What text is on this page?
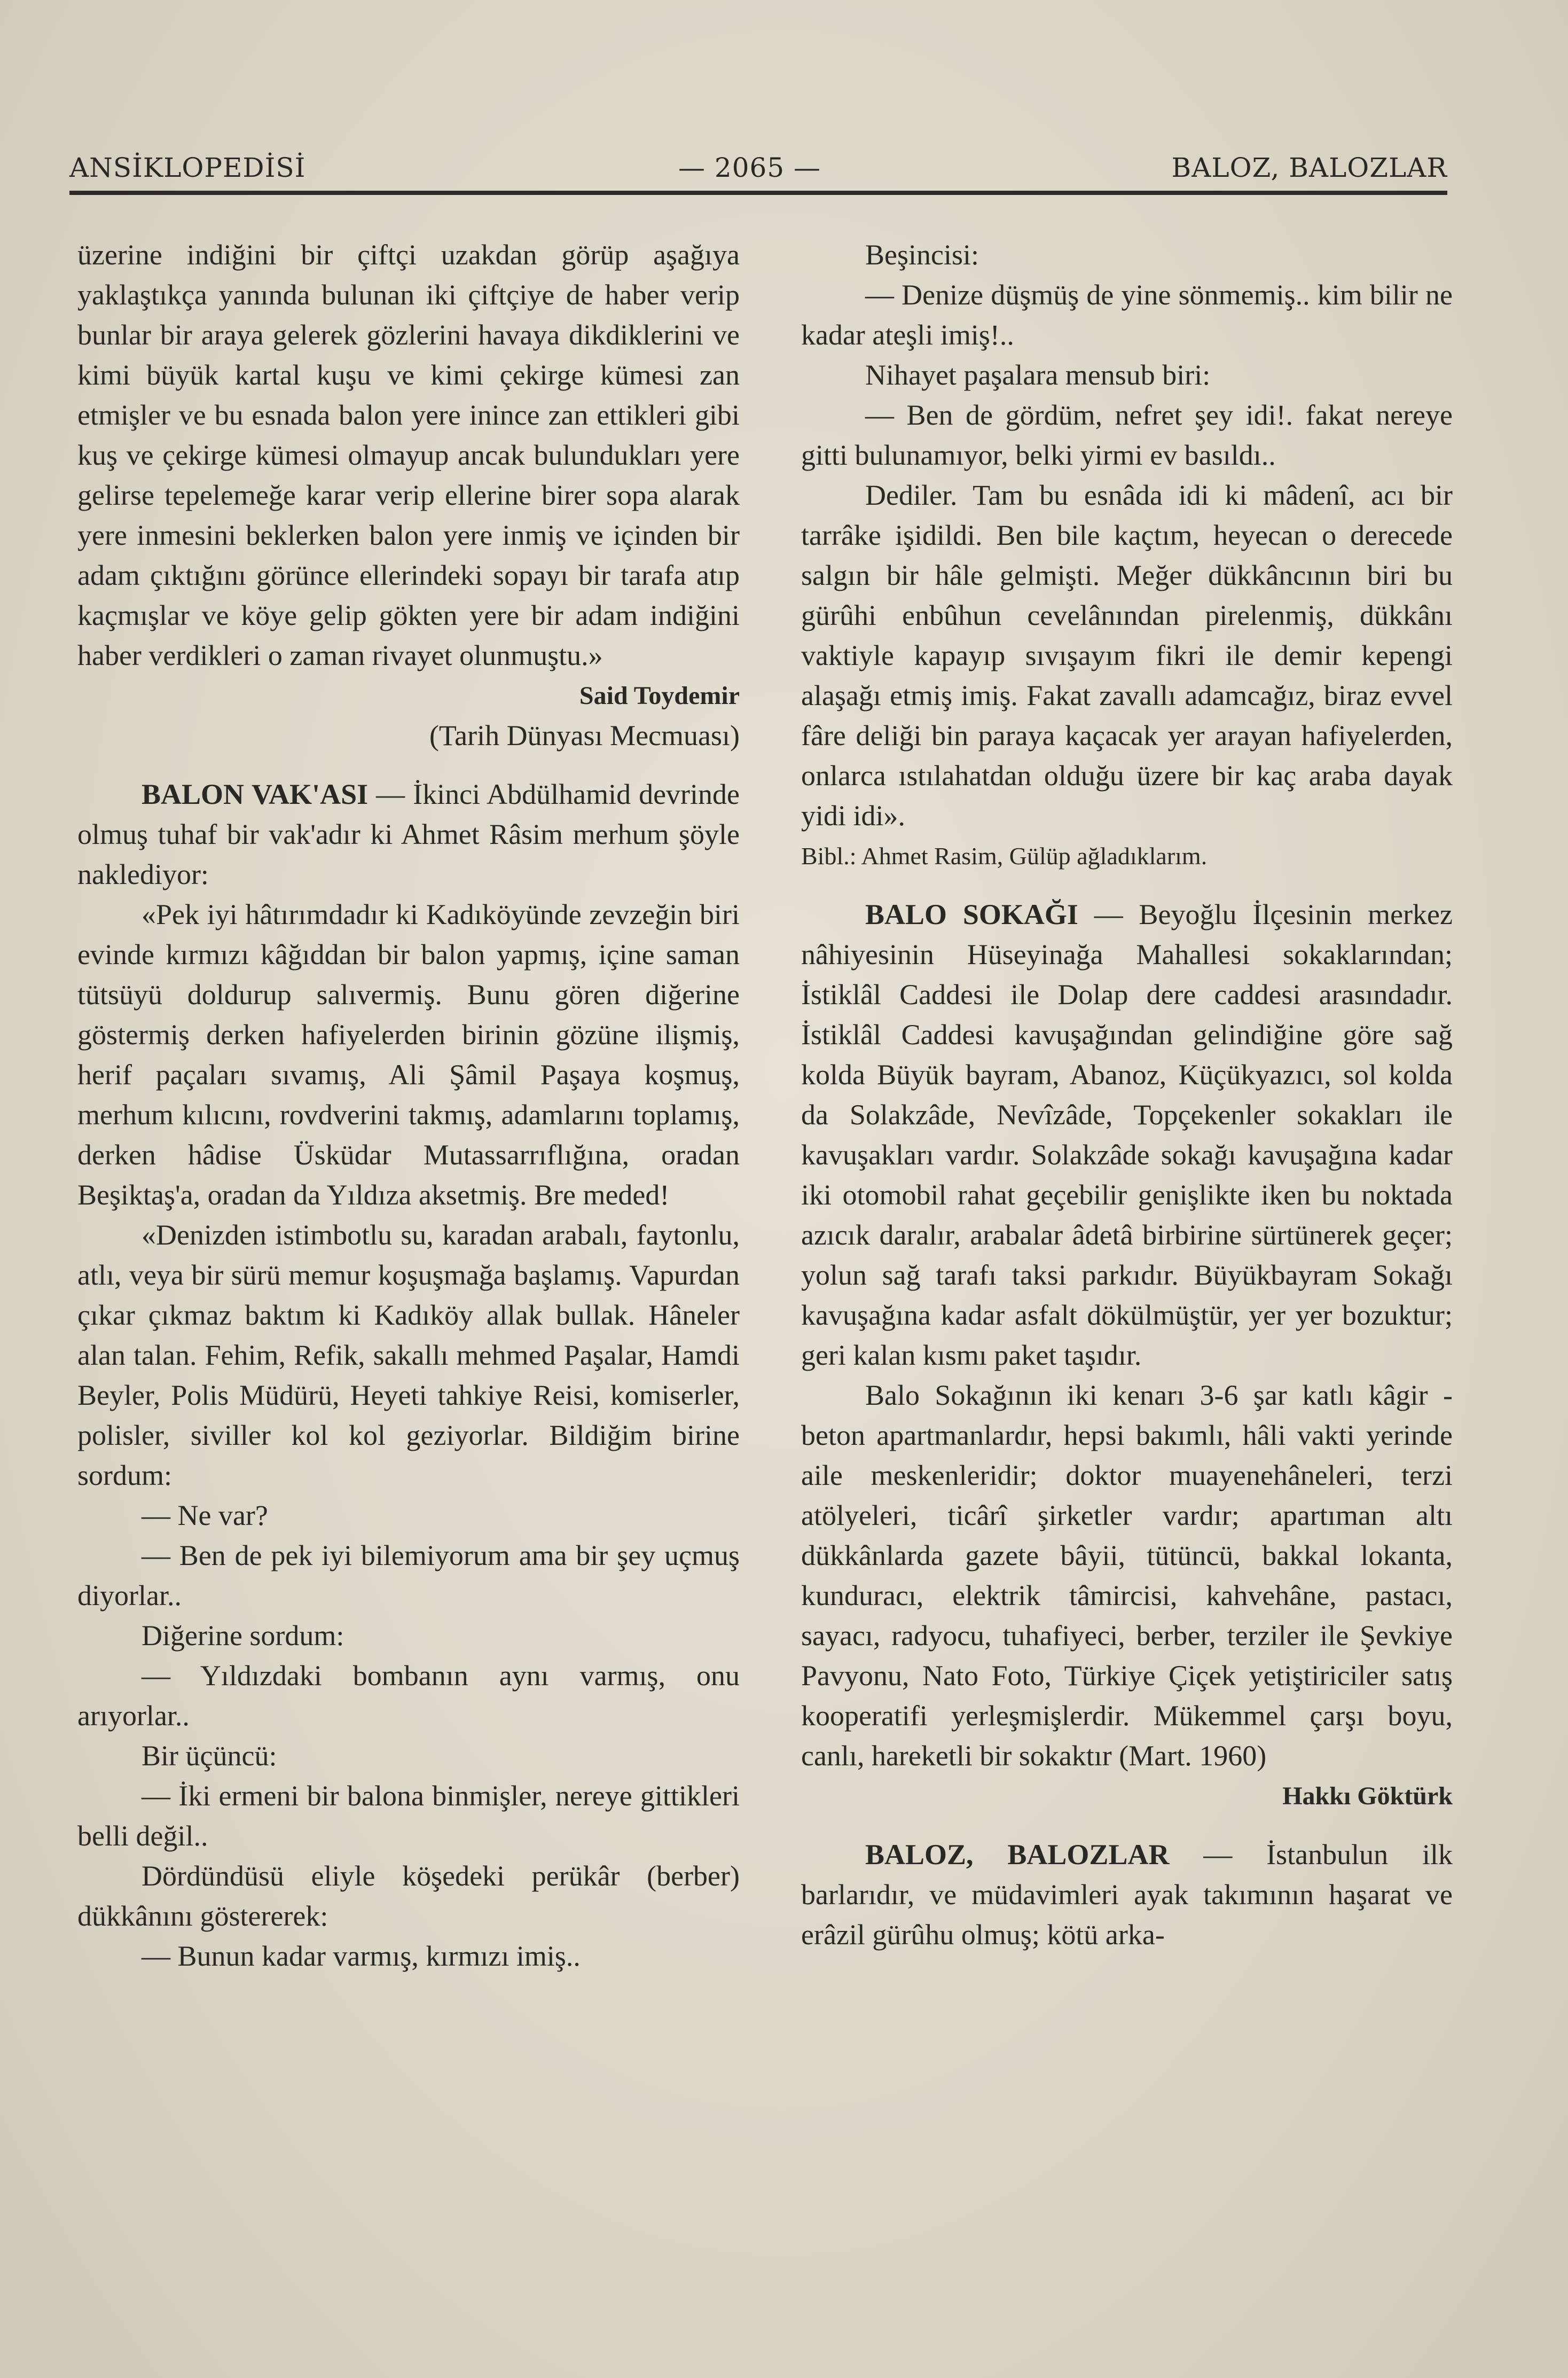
ANSİKLOPEDİSİ	— 2065 —	BALOZ, BALOZLAR

üzerine indiğini bir çiftçi uzakdan görüp aşağıya yaklaştıkça yanında bulunan iki çiftçiye de haber verip bunlar bir araya gelerek gözlerini havaya dikdiklerini ve kimi büyük kartal kuşu ve kimi çekirge kümesi zan etmişler ve bu esnada balon yere inince zan ettikleri gibi kuş ve çekirge kümesi olmayup ancak bulundukları yere gelirse tepelemeğe karar verip ellerine birer sopa alarak yere inmesini beklerken balon yere inmiş ve içinden bir adam çıktığını görünce ellerindeki sopayı bir tarafa atıp kaçmışlar ve köye gelip gökten yere bir adam indiğini haber verdikleri o zaman rivayet olunmuştu.»

Said Toydemir
(Tarih Dünyası Mecmuası)

BALON VAK'ASI — İkinci Abdülhamid devrinde olmuş tuhaf bir vak'adır ki Ahmet Râsim merhum şöyle naklediyor:

«Pek iyi hâtırımdadır ki Kadıköyünde zevzeğin biri evinde kırmızı kâğıddan bir balon yapmış, içine saman tütsüyü doldurup salıvermiş. Bunu gören diğerine göstermiş derken hafiyelerden birinin gözüne ilişmiş, herif paçaları sıvamış, Ali Şâmil Paşaya koşmuş, merhum kılıcını, rovdverini takmış, adamlarını toplamış, derken hâdise Üsküdar Mutassarrıflığına, oradan Beşiktaş'a, oradan da Yıldıza aksetmiş. Bre meded!

«Denizden istimbotlu su, karadan arabalı, faytonlu, atlı, veya bir sürü memur koşuşmağa başlamış. Vapurdan çıkar çıkmaz baktım ki Kadıköy allak bullak. Hâneler alan talan. Fehim, Refik, sakallı mehmed Paşalar, Hamdi Beyler, Polis Müdürü, Heyeti tahkiye Reisi, komiserler, polisler, siviller kol kol geziyorlar. Bildiğim birine sordum:

— Ne var?

— Ben de pek iyi bilemiyorum ama bir şey uçmuş diyorlar..

Diğerine sordum:

— Yıldızdaki bombanın aynı varmış, onu arıyorlar..

Bir üçüncü:

— İki ermeni bir balona binmişler, nereye gittikleri belli değil..

Dördündüsü eliyle köşedeki perükâr (berber) dükkânını göstererek:

— Bunun kadar varmış, kırmızı imiş..

Beşincisi:

— Denize düşmüş de yine sönmemiş.. kim bilir ne kadar ateşli imiş!..

Nihayet paşalara mensub biri:

— Ben de gördüm, nefret şey idi!. fakat nereye gitti bulunamıyor, belki yirmi ev basıldı..

Dediler. Tam bu esnâda idi ki mâdenî, acı bir tarrâke işidildi. Ben bile kaçtım, heyecan o derecede salgın bir hâle gelmişti. Meğer dükkâncının biri bu gürûhi enbûhun cevelânından pirelenmiş, dükkânı vaktiyle kapayıp sıvışayım fikri ile demir kepengi alaşağı etmiş imiş. Fakat zavallı adamcağız, biraz evvel fâre deliği bin paraya kaçacak yer arayan hafiyelerden, onlarca ıstılahatdan olduğu üzere bir kaç araba dayak yidi idi».

Bibl.: Ahmet Rasim, Gülüp ağladıklarım.

BALO SOKAĞI — Beyoğlu İlçesinin merkez nâhiyesinin Hüseyinağa Mahallesi sokaklarından; İstiklâl Caddesi ile Dolap dere caddesi arasındadır. İstiklâl Caddesi kavuşağından gelindiğine göre sağ kolda Büyük bayram, Abanoz, Küçükyazıcı, sol kolda da Solakzâde, Nevîzâde, Topçekenler sokakları ile kavuşakları vardır. Solakzâde sokağı kavuşağına kadar iki otomobil rahat geçebilir genişlikte iken bu noktada azıcık daralır, arabalar âdetâ birbirine sürtünerek geçer; yolun sağ tarafı taksi parkıdır. Büyükbayram Sokağı kavuşağına kadar asfalt dökülmüştür, yer yer bozuktur; geri kalan kısmı paket taşıdır.

Balo Sokağının iki kenarı 3-6 şar katlı kâgir - beton apartmanlardır, hepsi bakımlı, hâli vakti yerinde aile meskenleridir; doktor muayenehâneleri, terzi atölyeleri, ticârî şirketler vardır; apartıman altı dükkânlarda gazete bâyii, tütüncü, bakkal lokanta, kunduracı, elektrik tâmircisi, kahvehâne, pastacı, sayacı, radyocu, tuhafiyeci, berber, terziler ile Şevkiye Pavyonu, Nato Foto, Türkiye Çiçek yetiştiriciler satış kooperatifi yerleşmişlerdir. Mükemmel çarşı boyu, canlı, hareketli bir sokaktır (Mart. 1960)

Hakkı Göktürk

BALOZ, BALOZLAR — İstanbulun ilk barlarıdır, ve müdavimleri ayak takımının haşarat ve erâzil gürûhu olmuş; kötü arka-
